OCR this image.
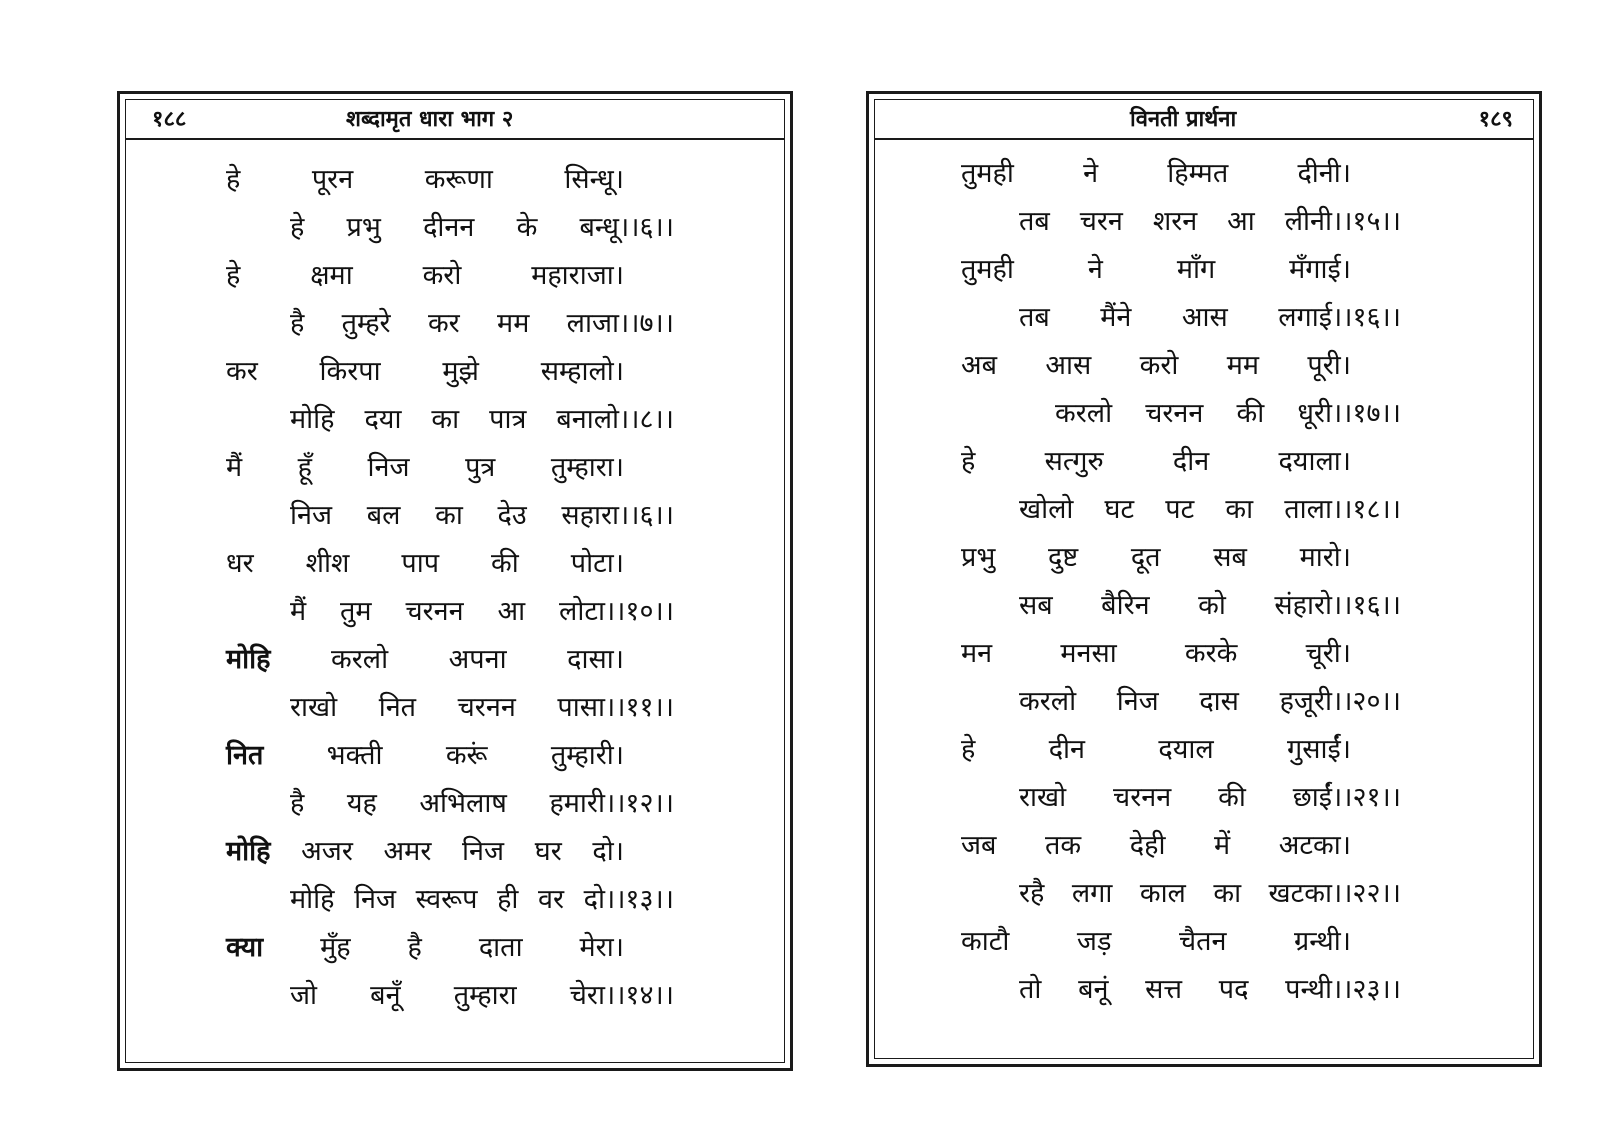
१८८	शब्दामृत धारा भाग २
हे	पूरन	करूणा	सिन्धू।
हे प्रभु दीनन के बन्धू।।६।।
हे	क्षमा	करो	महाराजा।
है तुम्हरे कर मम लाजा।।७।।
कर किरपा मुझे सम्हालो।
मोहि दया का पात्र बनालो।।८।।
मैं हूँ निज पुत्र तुम्हारा।
निज बल का देउ सहारा।।६।।
धर शीश पाप की पोटा।
मैं तुम चरनन आ लोटा।।१०।।
मोहि करलो अपना दासा।
राखो नित चरनन पासा।।११।।
नित भक्ती करूं तुम्हारी।
है यह अभिलाष हमारी।।१२।।
मोहि अजर अमर निज घर दो।
मोहि निज स्वरूप ही वर दो।।१३।।
क्या मुँह है दाता मेरा।
जो बनूँ तुम्हारा चेरा।।१४।।
विनती प्रार्थना	१८९
तुमही	ने	हिम्मत	दीनी।
तब चरन शरन आ लीनी।।१५।।
तुमही	ने	माँग	मँगाई।
तब मैंने आस लगाई।।१६।।
अब आस करो मम पूरी।
करलो चरनन की धूरी।।१७।।
हे	सत्गुरु	दीन	दयाला।
खोलो घट पट का ताला।।१८।।
प्रभु दुष्ट दूत सब मारो।
सब बैरिन को संहारो।।१६।।
मन	मनसा	करके	चूरी।
करलो निज दास हजूरी।।२०।।
हे	दीन	दयाल	गुसाईं।
राखो चरनन की छाईं।।२१।।
जब तक देही में अटका।
रहै लगा काल का खटका।।२२।।
काटौ	जड़	चैतन	ग्रन्थी।
तो बनूं सत्त पद पन्थी।।२३।।
